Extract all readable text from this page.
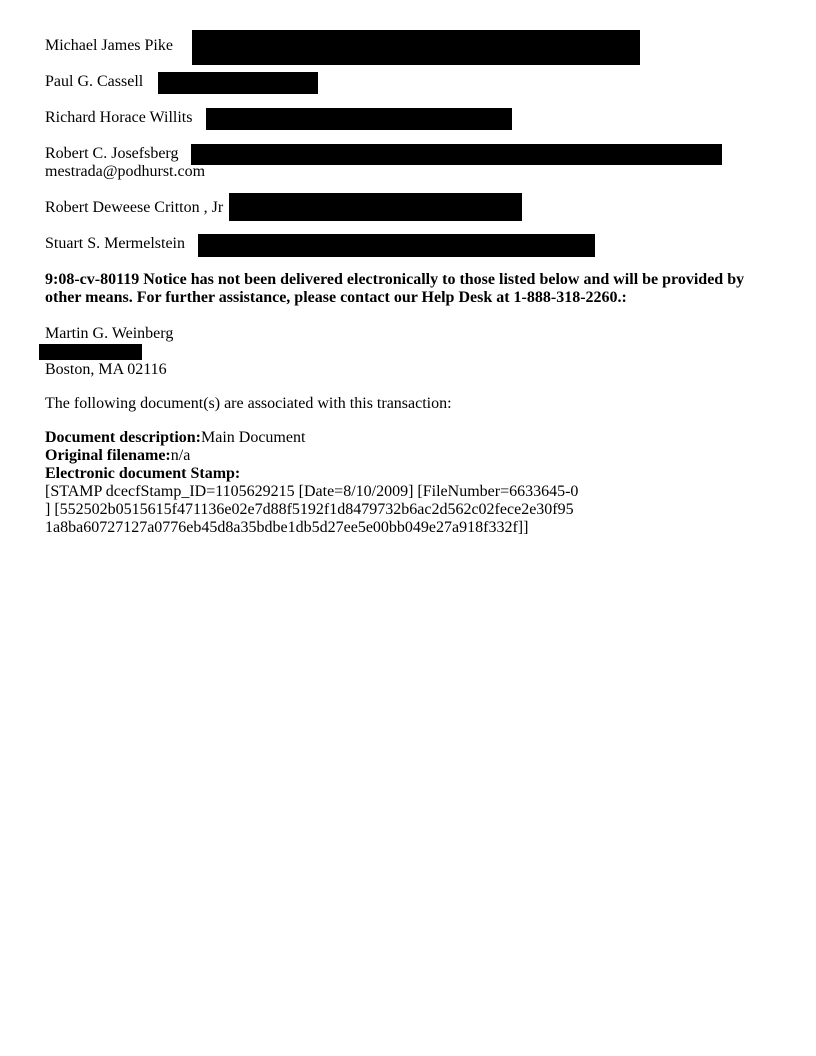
Michael James Pike
Paul G. Cassell
Richard Horace Willits
Robert C. Josefsberg
mestrada@podhurst.com
Robert Deweese Critton , Jr
Stuart S. Mermelstein
9:08-cv-80119 Notice has not been delivered electronically to those listed below and will be provided by other means. For further assistance, please contact our Help Desk at 1-888-318-2260.:
Martin G. Weinberg
Boston, MA 02116
The following document(s) are associated with this transaction:
Document description:Main Document
Original filename:n/a
Electronic document Stamp:
[STAMP dcecfStamp_ID=1105629215 [Date=8/10/2009] [FileNumber=6633645-0
] [552502b0515615f471136e02e7d88f5192f1d8479732b6ac2d562c02fece2e30f95
1a8ba60727127a0776eb45d8a35bdbe1db5d27ee5e00bb049e27a918f332f]]
